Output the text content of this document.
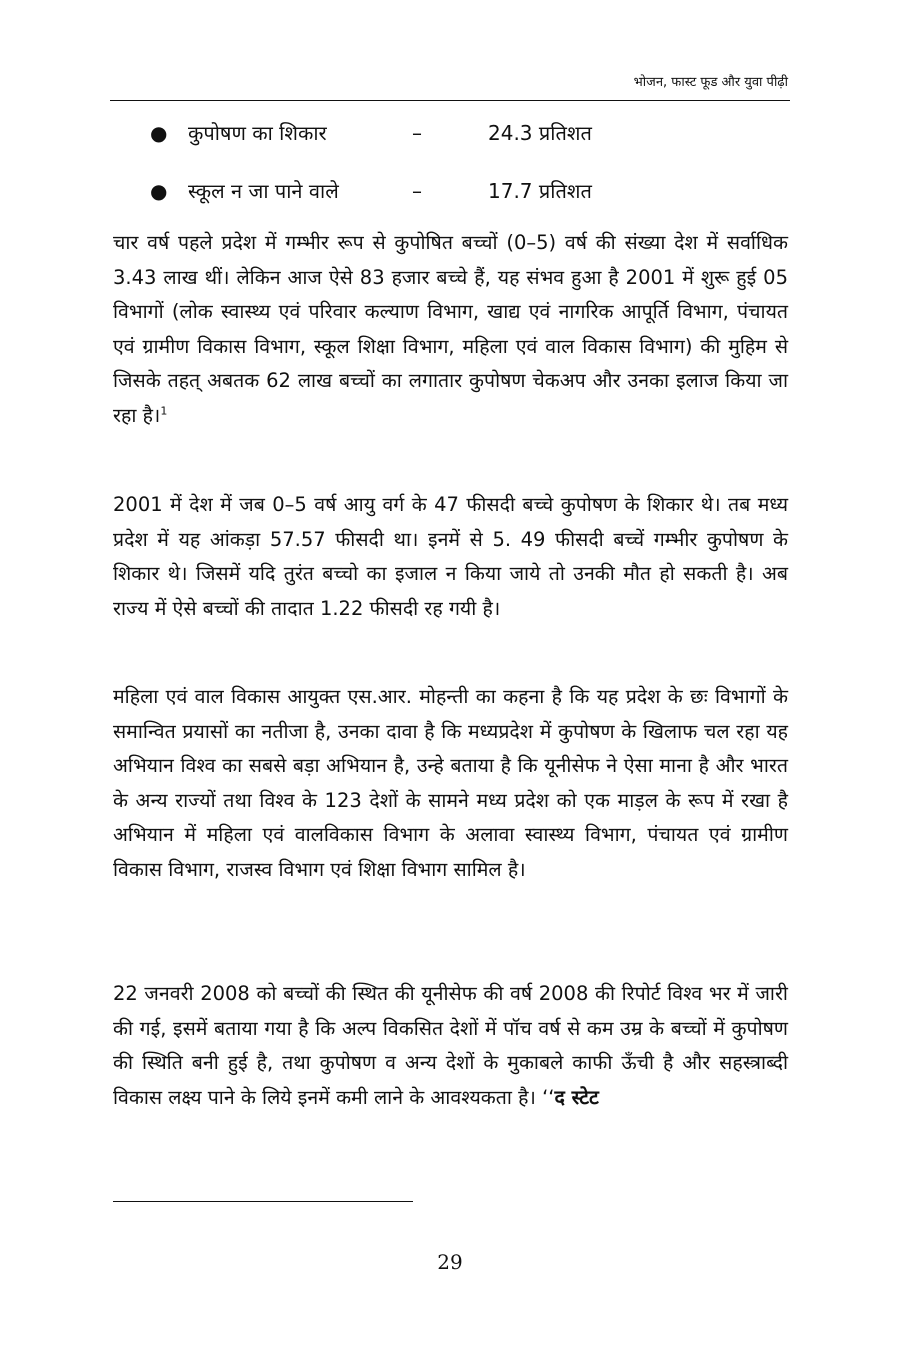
भोजन, फास्ट फूड और युवा पीढ़ी
● कुपोषण का शिकार	–	24.3 प्रतिशत
● स्कूल न जा पाने वाले	–	17.7 प्रतिशत

चार वर्ष पहले प्रदेश में गम्भीर रूप से कुपोषित बच्चों (0–5) वर्ष की संख्या देश में सर्वाधिक 3.43 लाख थीं। लेकिन आज ऐसे 83 हजार बच्चे हैं, यह संभव हुआ है 2001 में शुरू हुई 05 विभागों (लोक स्वास्थ्य एवं परिवार कल्याण विभाग, खाद्य एवं नागरिक आपूर्ति विभाग, पंचायत एवं ग्रामीण विकास विभाग, स्कूल शिक्षा विभाग, महिला एवं वाल विकास विभाग) की मुहिम से जिसके तहत् अबतक 62 लाख बच्चों का लगातार कुपोषण चेकअप और उनका इलाज किया जा रहा है।$^1$

2001 में देश में जब 0–5 वर्ष आयु वर्ग के 47 फीसदी बच्चे कुपोषण के शिकार थे। तब मध्य प्रदेश में यह आंकड़ा 57.57 फीसदी था। इनमें से 5. 49 फीसदी बच्चें गम्भीर कुपोषण के शिकार थे। जिसमें यदि तुरंत बच्चो का इजाल न किया जाये तो उनकी मौत हो सकती है। अब राज्य में ऐसे बच्चों की तादात 1.22 फीसदी रह गयी है।

महिला एवं वाल विकास आयुक्त एस.आर. मोहन्ती का कहना है कि यह प्रदेश के छः विभागों के समान्वित प्रयासों का नतीजा है, उनका दावा है कि मध्यप्रदेश में कुपोषण के खिलाफ चल रहा यह अभियान विश्व का सबसे बड़ा अभियान है, उन्हे बताया है कि यूनीसेफ ने ऐसा माना है और भारत के अन्य राज्यों तथा विश्व के 123 देशों के सामने मध्य प्रदेश को एक माड़ल के रूप में रखा है अभियान में महिला एवं वालविकास विभाग के अलावा स्वास्थ्य विभाग, पंचायत एवं ग्रामीण विकास विभाग, राजस्व विभाग एवं शिक्षा विभाग सामिल है।

22 जनवरी 2008 को बच्चों की स्थित की यूनीसेफ की वर्ष 2008 की रिपोर्ट विश्व भर में जारी की गई, इसमें बताया गया है कि अल्प विकसित देशों में पॉच वर्ष से कम उम्र के बच्चों में कुपोषण की स्थिति बनी हुई है, तथा कुपोषण व अन्य देशों के मुकाबले काफी ऊँची है और सहस्त्राब्दी विकास लक्ष्य पाने के लिये इनमें कमी लाने के आवश्यकता है। ‘‘द स्टेट

29
